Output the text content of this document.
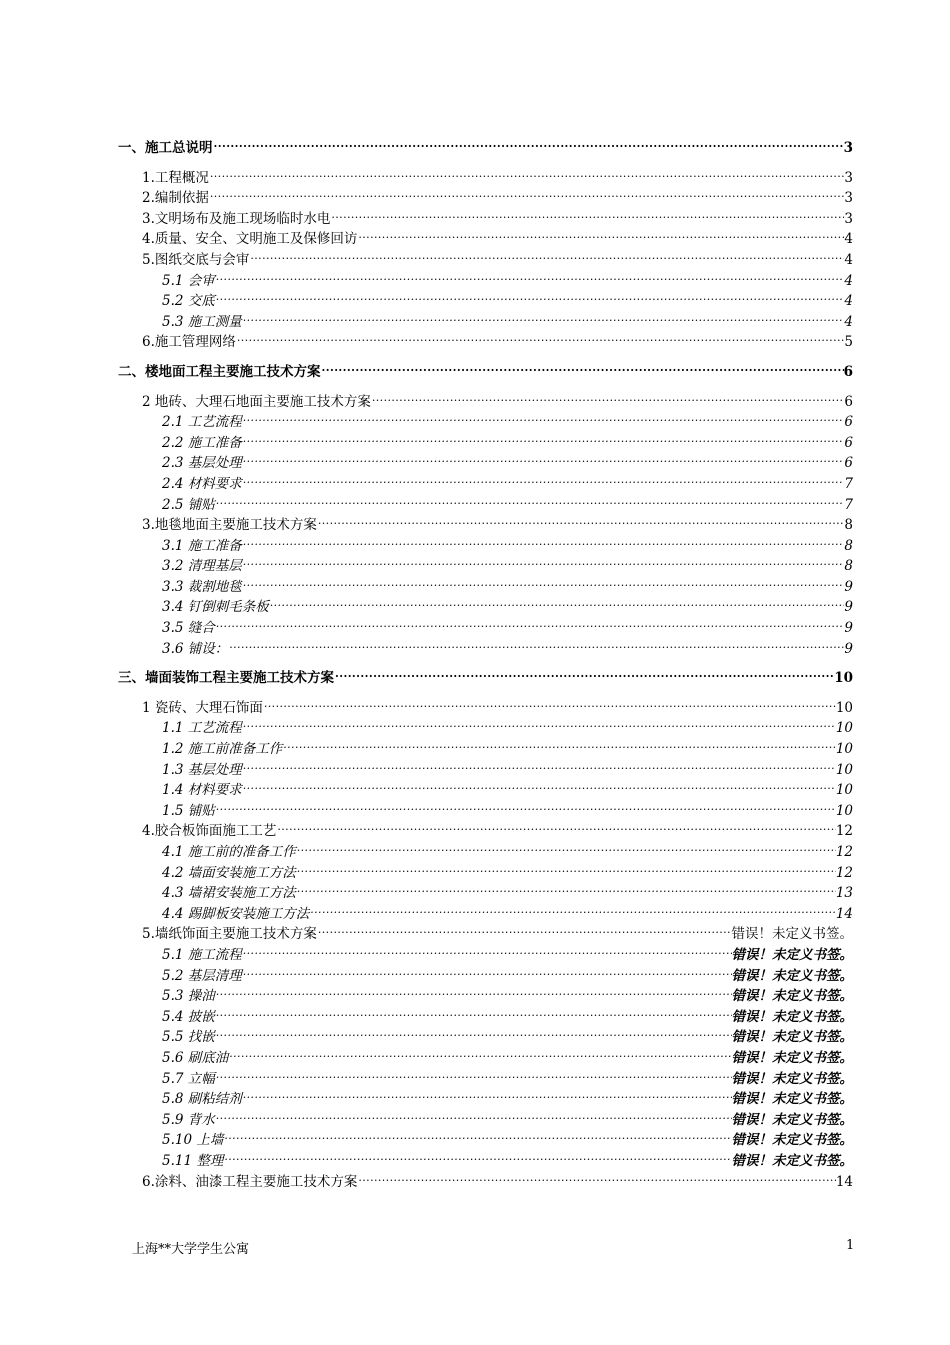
一、施工总说明 .....	3
1.工程概况 .....	3
2.编制依据 .....	3
3.文明场布及施工现场临时水电 .....	3
4.质量、安全、文明施工及保修回访 .....	4
5.图纸交底与会审 .....	4
5.1 会审 .....	4
5.2 交底 .....	4
5.3 施工测量 .....	4
6.施工管理网络 .....	5
二、楼地面工程主要施工技术方案 .....	6
2 地砖、大理石地面主要施工技术方案 .....	6
2.1 工艺流程 .....	6
2.2 施工准备 .....	6
2.3 基层处理 .....	6
2.4 材料要求 .....	7
2.5 铺贴 .....	7
3.地毯地面主要施工技术方案 .....	8
3.1 施工准备 .....	8
3.2 清理基层 .....	8
3.3 裁割地毯 .....	9
3.4 钉倒刺毛条板 .....	9
3.5 缝合 .....	9
3.6 铺设： .....	9
三、墙面装饰工程主要施工技术方案 .....	10
1 瓷砖、大理石饰面 .....	10
1.1 工艺流程 .....	10
1.2 施工前准备工作 .....	10
1.3 基层处理 .....	10
1.4 材料要求 .....	10
1.5 铺贴 .....	10
4.胶合板饰面施工工艺 .....	12
4.1 施工前的准备工作 .....	12
4.2 墙面安装施工方法 .....	12
4.3 墙裙安装施工方法 .....	13
4.4 踢脚板安装施工方法 .....	14
5.墙纸饰面主要施工技术方案 .....	错误！未定义书签。
5.1 施工流程 .....	错误！未定义书签。
5.2 基层清理 .....	错误！未定义书签。
5.3 操油 .....	错误！未定义书签。
5.4 披嵌 .....	错误！未定义书签。
5.5 找嵌 .....	错误！未定义书签。
5.6 刷底油 .....	错误！未定义书签。
5.7 立幅 .....	错误！未定义书签。
5.8 刷粘结剂 .....	错误！未定义书签。
5.9 背水 .....	错误！未定义书签。
5.10 上墙 .....	错误！未定义书签。
5.11 整理 .....	错误！未定义书签。
6.涂料、油漆工程主要施工技术方案 .....	14
上海**大学学生公寓	1
